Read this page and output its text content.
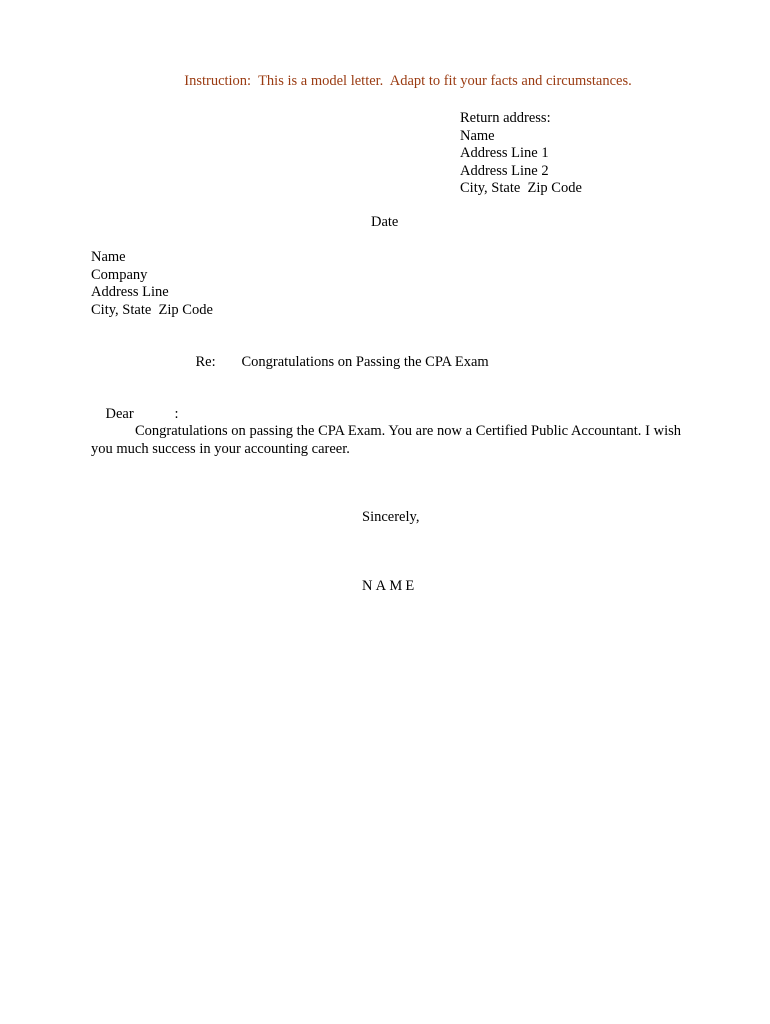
Instruction:  This is a model letter.  Adapt to fit your facts and circumstances.
Return address:
Name
Address Line 1
Address Line 2
City, State  Zip Code
Date
Name
Company
Address Line
City, State  Zip Code

Re: Congratulations on Passing the CPA Exam

Dear	:

Congratulations on passing the CPA Exam. You are now a Certified Public Accountant. I wish you much success in your accounting career.
Sincerely,
NAME
